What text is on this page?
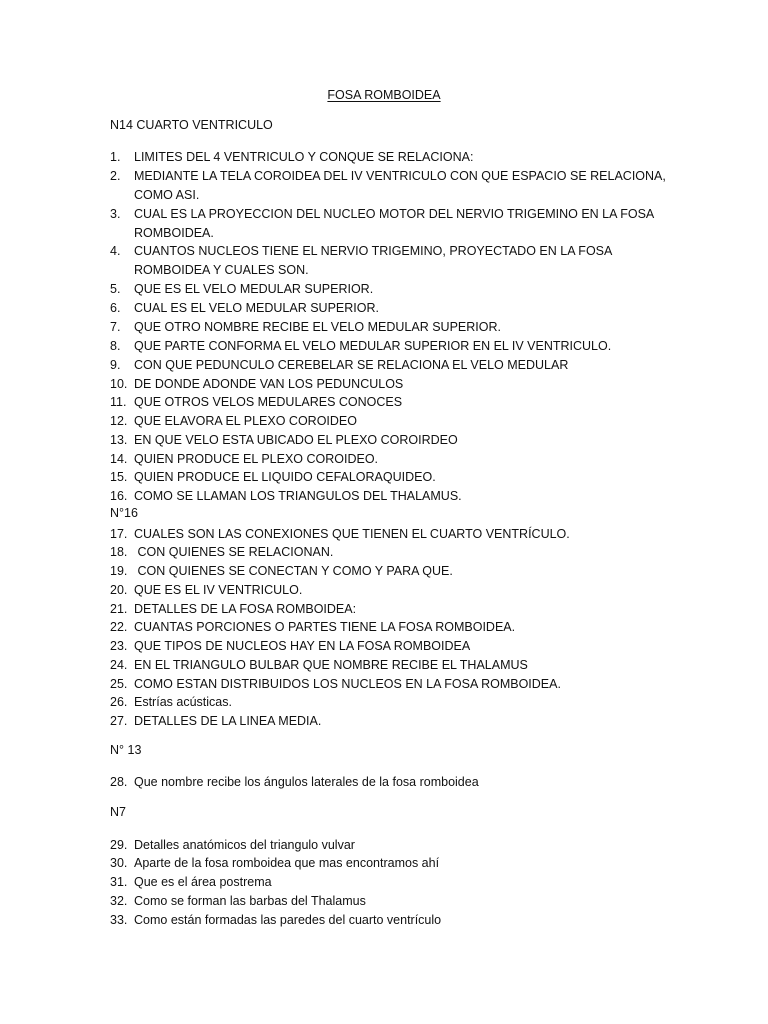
FOSA ROMBOIDEA
N14 CUARTO VENTRICULO
1.	LIMITES DEL 4 VENTRICULO Y CONQUE SE RELACIONA:
2.	MEDIANTE LA TELA COROIDEA DEL IV VENTRICULO CON QUE ESPACIO SE RELACIONA, COMO ASI.
3.	CUAL ES LA PROYECCION DEL NUCLEO MOTOR DEL NERVIO TRIGEMINO EN LA FOSA ROMBOIDEA.
4.	CUANTOS NUCLEOS TIENE EL NERVIO TRIGEMINO, PROYECTADO EN LA FOSA ROMBOIDEA Y CUALES SON.
5.	QUE ES EL VELO MEDULAR SUPERIOR.
6.	CUAL ES EL VELO MEDULAR SUPERIOR.
7.	QUE OTRO NOMBRE RECIBE EL VELO MEDULAR SUPERIOR.
8.	QUE PARTE CONFORMA EL VELO MEDULAR SUPERIOR EN EL IV VENTRICULO.
9.	CON QUE PEDUNCULO CEREBELAR SE RELACIONA EL VELO MEDULAR
10. DE DONDE ADONDE VAN LOS PEDUNCULOS
11. QUE OTROS VELOS MEDULARES CONOCES
12. QUE ELAVORA EL PLEXO COROIDEO
13. EN QUE VELO ESTA UBICADO EL PLEXO COROIRDEO
14. QUIEN PRODUCE EL PLEXO COROIDEO.
15. QUIEN PRODUCE EL LIQUIDO CEFALORAQUIDEO.
16. COMO SE LLAMAN LOS TRIANGULOS DEL THALAMUS.
N°16
17. CUALES SON LAS CONEXIONES QUE TIENEN EL CUARTO VENTRÍCULO.
18. CON QUIENES SE RELACIONAN.
19. CON QUIENES SE CONECTAN Y COMO Y PARA QUE.
20. QUE ES EL IV VENTRICULO.
21. DETALLES DE LA FOSA ROMBOIDEA:
22. CUANTAS PORCIONES O PARTES TIENE LA FOSA ROMBOIDEA.
23. QUE TIPOS DE NUCLEOS HAY EN LA FOSA ROMBOIDEA
24. EN EL TRIANGULO BULBAR QUE NOMBRE RECIBE EL THALAMUS
25. COMO ESTAN DISTRIBUIDOS LOS NUCLEOS EN LA FOSA ROMBOIDEA.
26. Estrías acústicas.
27. DETALLES DE LA LINEA MEDIA.
N° 13
28. Que nombre recibe los ángulos laterales de la fosa romboidea
N7
29. Detalles anatómicos del triangulo vulvar
30. Aparte de la fosa romboidea que mas encontramos ahí
31. Que es el área postrema
32. Como se forman las barbas del Thalamus
33. Como están formadas las paredes del cuarto ventrículo
